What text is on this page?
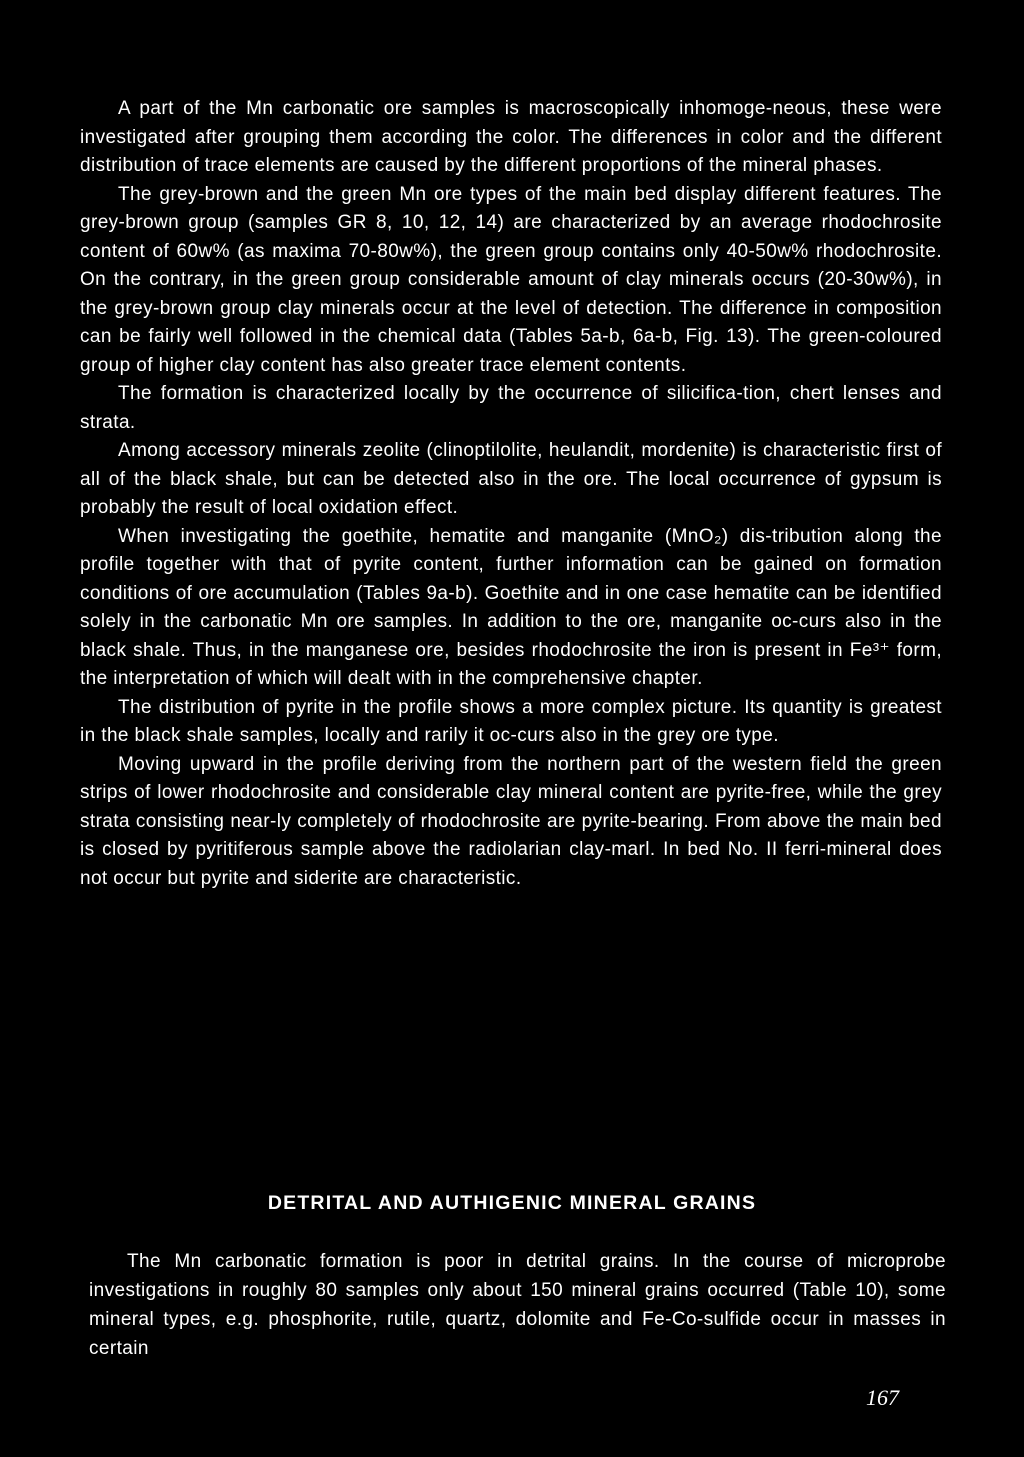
A part of the Mn carbonatic ore samples is macroscopically inhomoge-neous, these were investigated after grouping them according the color. The differences in color and the different distribution of trace elements are caused by the different proportions of the mineral phases.

The grey-brown and the green Mn ore types of the main bed display different features. The grey-brown group (samples GR 8, 10, 12, 14) are characterized by an average rhodochrosite content of 60w% (as maxima 70-80w%), the green group contains only 40-50w% rhodochrosite. On the contrary, in the green group considerable amount of clay minerals occurs (20-30w%), in the grey-brown group clay minerals occur at the level of detection. The difference in composition can be fairly well followed in the chemical data (Tables 5a-b, 6a-b, Fig. 13). The green-coloured group of higher clay content has also greater trace element contents.

The formation is characterized locally by the occurrence of silicifica-tion, chert lenses and strata.

Among accessory minerals zeolite (clinoptilolite, heulandit, mordenite) is characteristic first of all of the black shale, but can be detected also in the ore. The local occurrence of gypsum is probably the result of local oxidation effect.

When investigating the goethite, hematite and manganite (MnO₂) dis-tribution along the profile together with that of pyrite content, further information can be gained on formation conditions of ore accumulation (Tables 9a-b). Goethite and in one case hematite can be identified solely in the carbonatic Mn ore samples. In addition to the ore, manganite oc-curs also in the black shale. Thus, in the manganese ore, besides rhodochrosite the iron is present in Fe³⁺ form, the interpretation of which will dealt with in the comprehensive chapter.

The distribution of pyrite in the profile shows a more complex picture. Its quantity is greatest in the black shale samples, locally and rarily it oc-curs also in the grey ore type.

Moving upward in the profile deriving from the northern part of the western field the green strips of lower rhodochrosite and considerable clay mineral content are pyrite-free, while the grey strata consisting near-ly completely of rhodochrosite are pyrite-bearing. From above the main bed is closed by pyritiferous sample above the radiolarian clay-marl. In bed No. II ferri-mineral does not occur but pyrite and siderite are characteristic.

DETRITAL AND AUTHIGENIC MINERAL GRAINS

The Mn carbonatic formation is poor in detrital grains. In the course of microprobe investigations in roughly 80 samples only about 150 mineral grains occurred (Table 10), some mineral types, e.g. phosphorite, rutile, quartz, dolomite and Fe-Co-sulfide occur in masses in certain

167
